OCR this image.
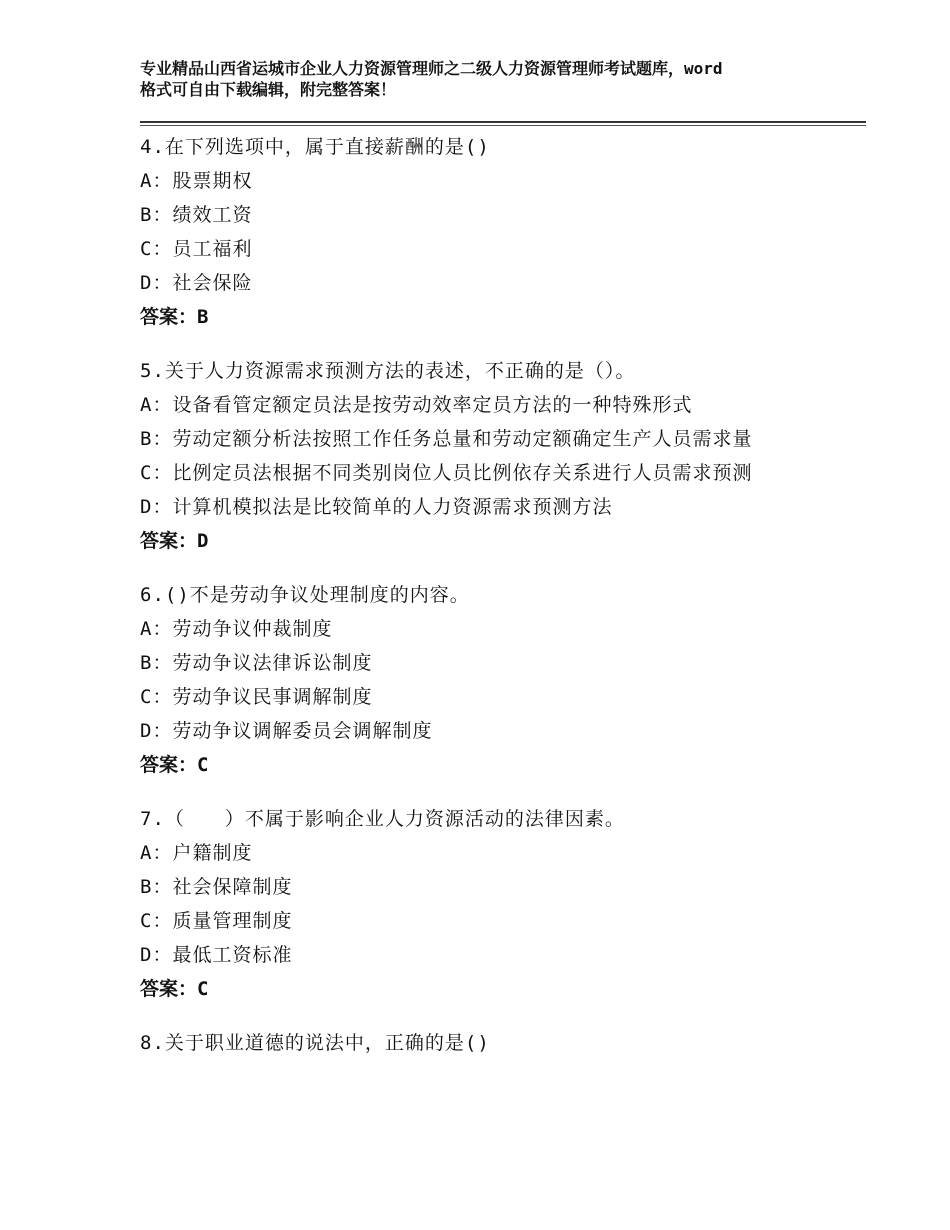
专业精品山西省运城市企业人力资源管理师之二级人力资源管理师考试题库，word
格式可自由下载编辑，附完整答案！
4.在下列选项中，属于直接薪酬的是()
A：股票期权
B：绩效工资
C：员工福利
D：社会保险
答案：B
5.关于人力资源需求预测方法的表述，不正确的是（）。
A：设备看管定额定员法是按劳动效率定员方法的一种特殊形式
B：劳动定额分析法按照工作任务总量和劳动定额确定生产人员需求量
C：比例定员法根据不同类别岗位人员比例依存关系进行人员需求预测
D：计算机模拟法是比较简单的人力资源需求预测方法
答案：D
6.()不是劳动争议处理制度的内容。
A：劳动争议仲裁制度
B：劳动争议法律诉讼制度
C：劳动争议民事调解制度
D：劳动争议调解委员会调解制度
答案：C
7.（　　）不属于影响企业人力资源活动的法律因素。
A：户籍制度
B：社会保障制度
C：质量管理制度
D：最低工资标准
答案：C
8.关于职业道德的说法中，正确的是()
